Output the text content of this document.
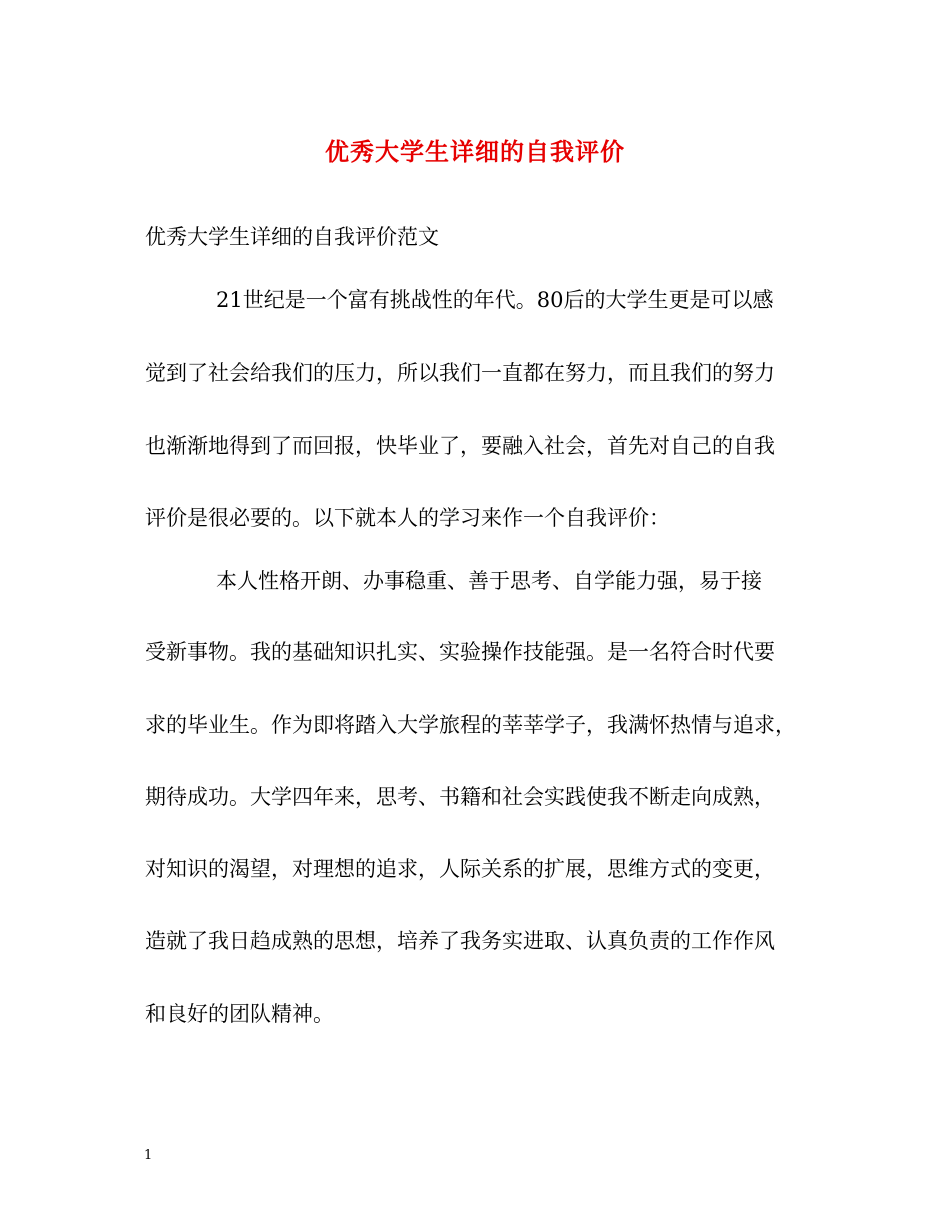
优秀大学生详细的自我评价
优秀大学生详细的自我评价范文
21世纪是一个富有挑战性的年代。80后的大学生更是可以感
觉到了社会给我们的压力，所以我们一直都在努力，而且我们的努力
也渐渐地得到了而回报，快毕业了，要融入社会，首先对自己的自我
评价是很必要的。以下就本人的学习来作一个自我评价：
本人性格开朗、办事稳重、善于思考、自学能力强，易于接
受新事物。我的基础知识扎实、实验操作技能强。是一名符合时代要
求的毕业生。作为即将踏入大学旅程的莘莘学子，我满怀热情与追求，
期待成功。大学四年来，思考、书籍和社会实践使我不断走向成熟，
对知识的渴望，对理想的追求，人际关系的扩展，思维方式的变更，
造就了我日趋成熟的思想，培养了我务实进取、认真负责的工作作风
和良好的团队精神。
1
